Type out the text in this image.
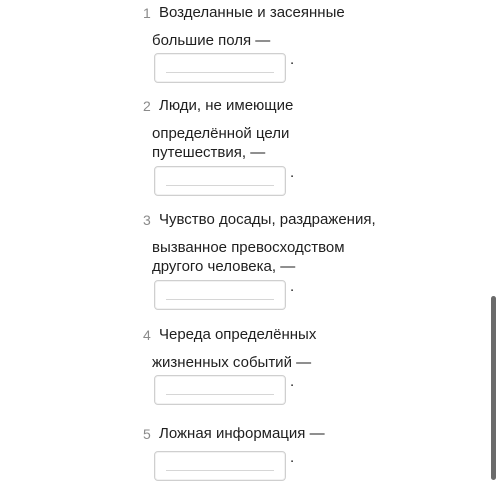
1 Возделанные и засеянные
большие поля —
.
2 Люди, не имеющие
определённой цели
путешествия, —
.
3 Чувство досады, раздражения,
вызванное превосходством
другого человека, —
.
4 Череда определённых
жизненных событий —
.
5 Ложная информация —
.
